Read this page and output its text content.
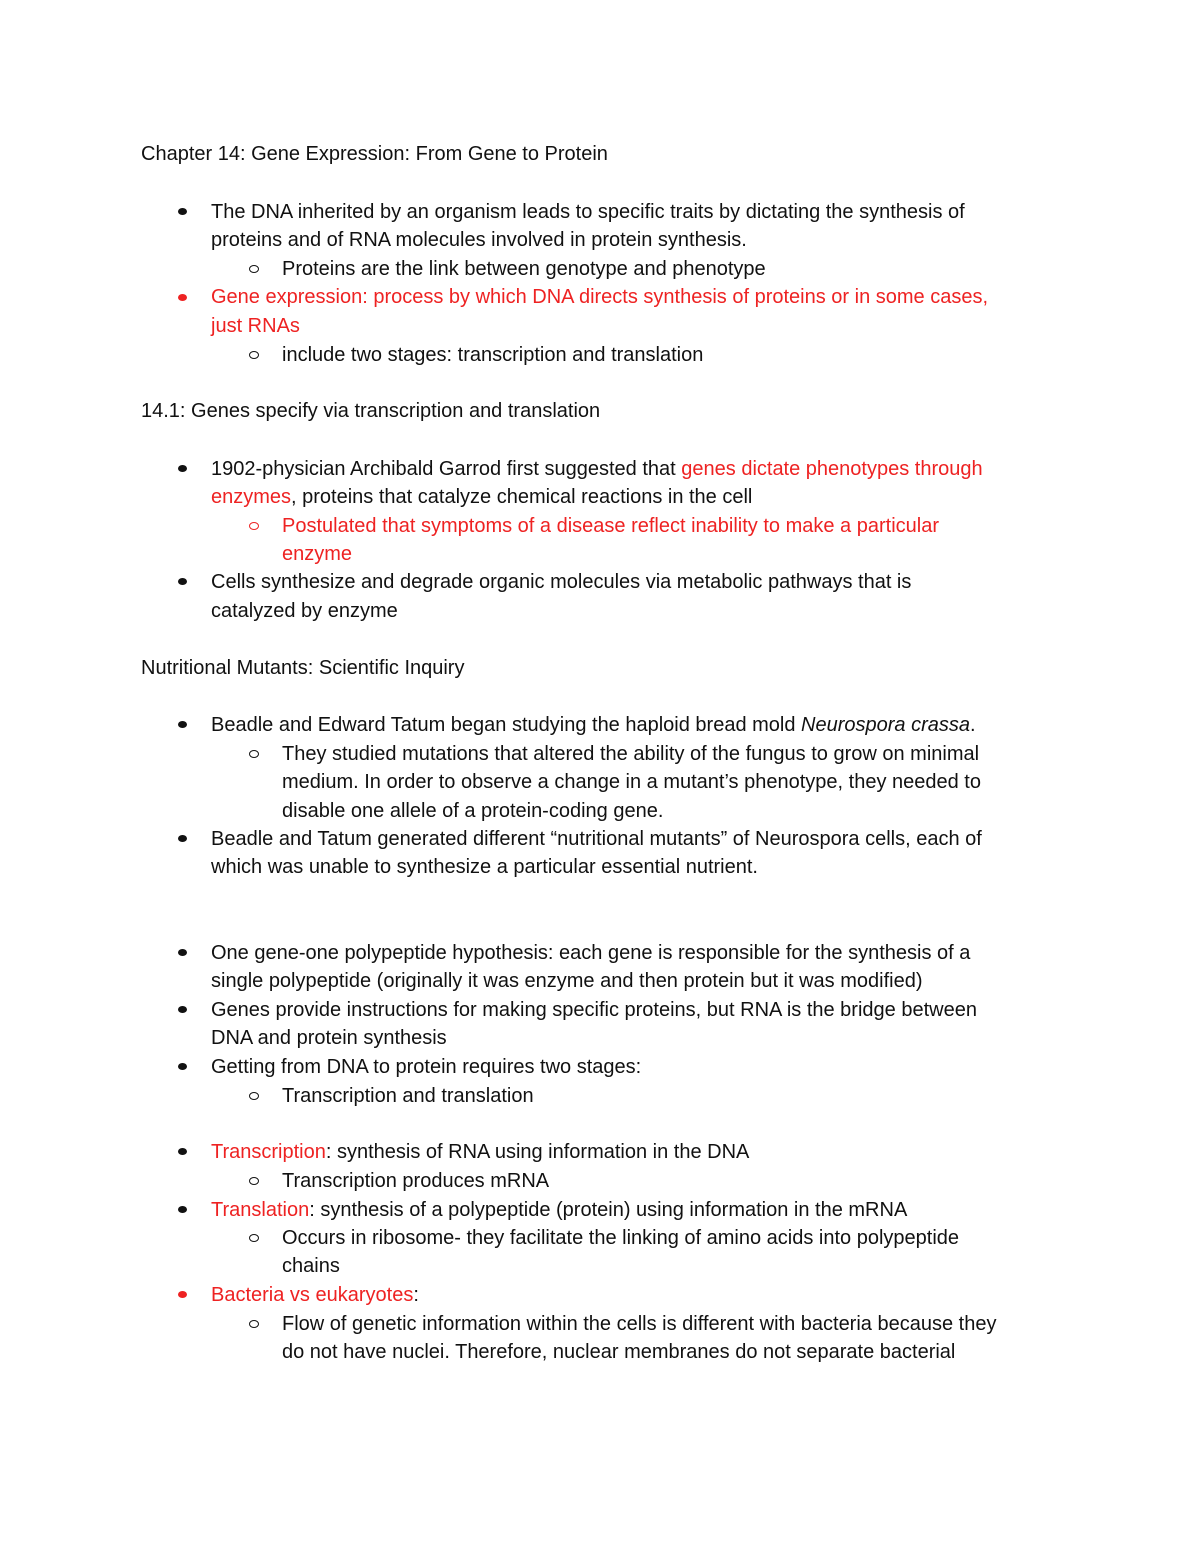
Chapter 14: Gene Expression: From Gene to Protein
The DNA inherited by an organism leads to specific traits by dictating the synthesis of
proteins and of RNA molecules involved in protein synthesis.
Proteins are the link between genotype and phenotype
Gene expression: process by which DNA directs synthesis of proteins or in some cases,
just RNAs
include two stages: transcription and translation
14.1: Genes specify via transcription and translation
1902-physician Archibald Garrod first suggested that genes dictate phenotypes through
enzymes, proteins that catalyze chemical reactions in the cell
Postulated that symptoms of a disease reflect inability to make a particular
enzyme
Cells synthesize and degrade organic molecules via metabolic pathways that is
catalyzed by enzyme
Nutritional Mutants: Scientific Inquiry
Beadle and Edward Tatum began studying the haploid bread mold Neurospora crassa.
They studied mutations that altered the ability of the fungus to grow on minimal
medium. In order to observe a change in a mutant’s phenotype, they needed to
disable one allele of a protein-coding gene.
Beadle and Tatum generated different “nutritional mutants” of Neurospora cells, each of
which was unable to synthesize a particular essential nutrient.
One gene-one polypeptide hypothesis: each gene is responsible for the synthesis of a
single polypeptide (originally it was enzyme and then protein but it was modified)
Genes provide instructions for making specific proteins, but RNA is the bridge between
DNA and protein synthesis
Getting from DNA to protein requires two stages:
Transcription and translation
Transcription: synthesis of RNA using information in the DNA
Transcription produces mRNA
Translation: synthesis of a polypeptide (protein) using information in the mRNA
Occurs in ribosome- they facilitate the linking of amino acids into polypeptide
chains
Bacteria vs eukaryotes:
Flow of genetic information within the cells is different with bacteria because they
do not have nuclei. Therefore, nuclear membranes do not separate bacterial
